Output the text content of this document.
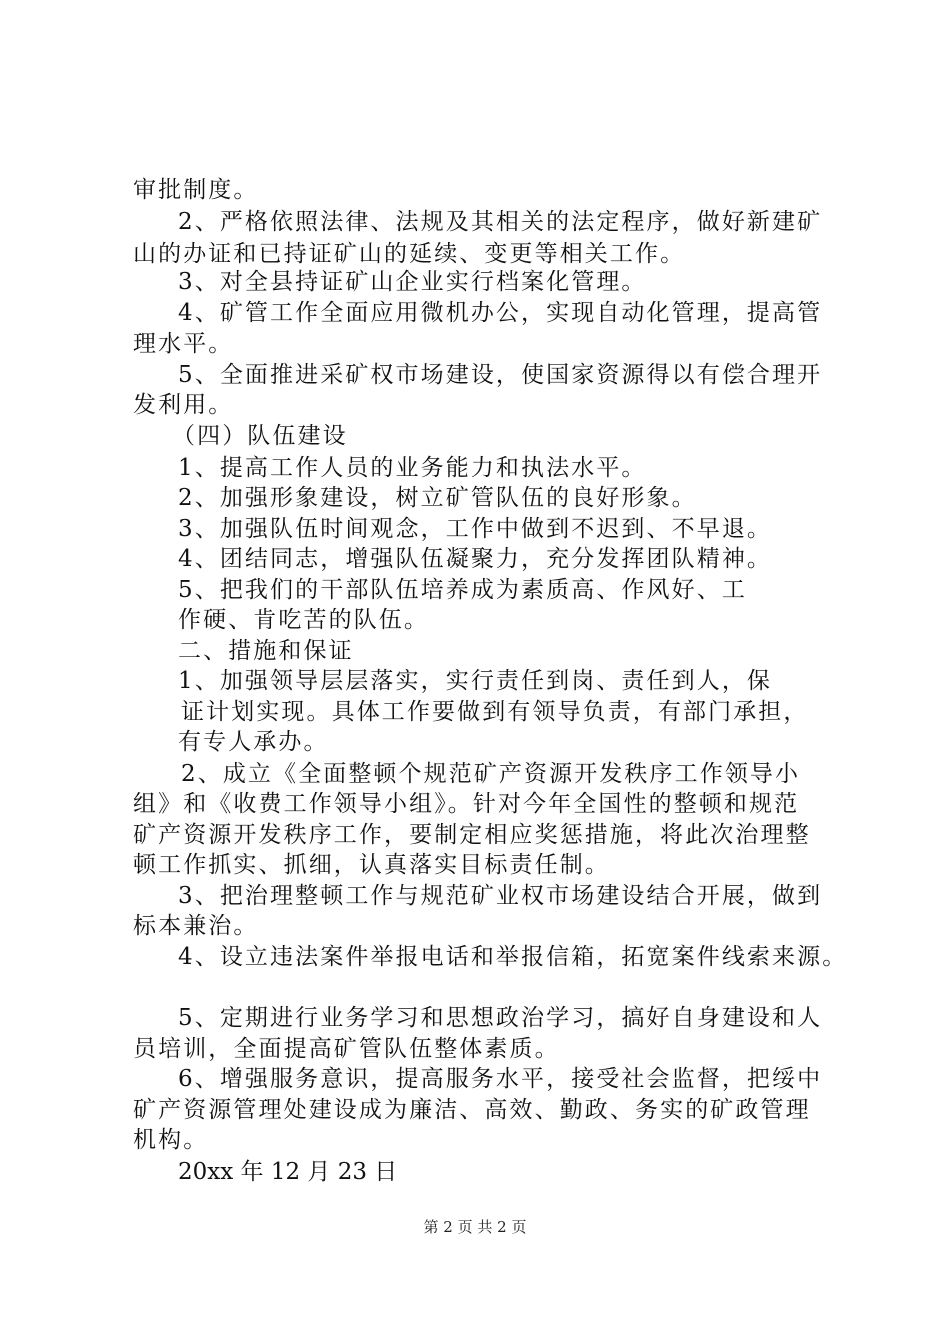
审批制度。

2、严格依照法律、法规及其相关的法定程序，做好新建矿

山的办证和已持证矿山的延续、变更等相关工作。

3、对全县持证矿山企业实行档案化管理。

4、矿管工作全面应用微机办公，实现自动化管理，提高管

理水平。

5、全面推进采矿权市场建设，使国家资源得以有偿合理开

发利用。

（四）队伍建设

1、提高工作人员的业务能力和执法水平。

2、加强形象建设，树立矿管队伍的良好形象。

3、加强队伍时间观念，工作中做到不迟到、不早退。

4、团结同志，增强队伍凝聚力，充分发挥团队精神。

5、把我们的干部队伍培养成为素质高、作风好、工

作硬、肯吃苦的队伍。

二、措施和保证

1、加强领导层层落实，实行责任到岗、责任到人，保

证计划实现。具体工作要做到有领导负责，有部门承担，

有专人承办。

2、成立《全面整顿个规范矿产资源开发秩序工作领导小

组》和《收费工作领导小组》。针对今年全国性的整顿和规范

矿产资源开发秩序工作，要制定相应奖惩措施，将此次治理整

顿工作抓实、抓细，认真落实目标责任制。

3、把治理整顿工作与规范矿业权市场建设结合开展，做到

标本兼治。

4、设立违法案件举报电话和举报信箱，拓宽案件线索来源。

5、定期进行业务学习和思想政治学习，搞好自身建设和人

员培训，全面提高矿管队伍整体素质。

6、增强服务意识，提高服务水平，接受社会监督，把绥中

矿产资源管理处建设成为廉洁、高效、勤政、务实的矿政管理

机构。

20xx 年 12 月 23 日

第 2 页 共 2 页
